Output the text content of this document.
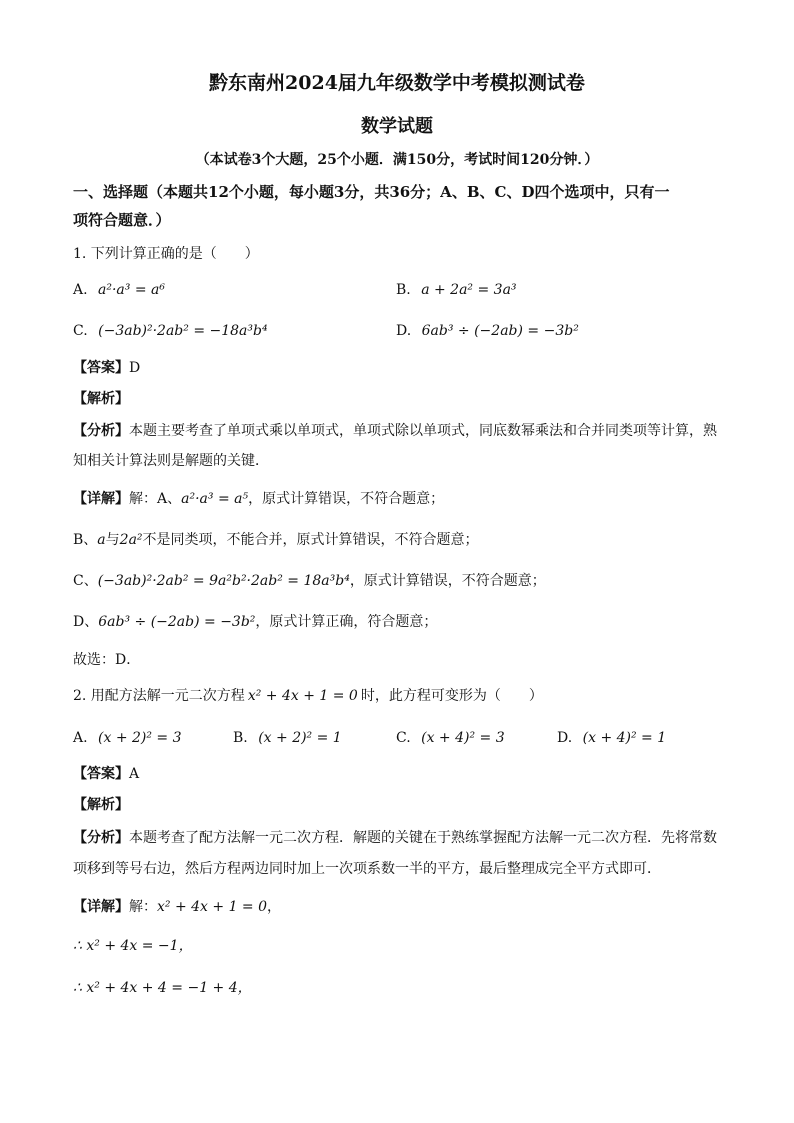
黔东南州2024届九年级数学中考模拟测试卷
数学试题
（本试卷3个大题，25个小题．满150分，考试时间120分钟．）
一、选择题（本题共12个小题，每小题3分，共36分；A、B、C、D四个选项中，只有一
项符合题意．）
1. 下列计算正确的是（　　）
A. a²·a³ = a⁶	B. a + 2a² = 3a³
C. (−3ab)²·2ab² = −18a³b⁴	D. 6ab³ ÷ (−2ab) = −3b²
【答案】D
【解析】
【分析】本题主要考查了单项式乘以单项式，单项式除以单项式，同底数幂乘法和合并同类项等计算，熟
知相关计算法则是解题的关键．
【详解】解：A、a²·a³ = a⁵，原式计算错误，不符合题意；
B、a与2a²不是同类项，不能合并，原式计算错误，不符合题意；
C、(−3ab)²·2ab² = 9a²b²·2ab² = 18a³b⁴，原式计算错误，不符合题意；
D、6ab³ ÷ (−2ab) = −3b²，原式计算正确，符合题意；
故选：D．
2. 用配方法解一元二次方程 x² + 4x + 1 = 0 时，此方程可变形为（　　）
A. (x + 2)² = 3	B. (x + 2)² = 1	C. (x + 4)² = 3	D. (x + 4)² = 1
【答案】A
【解析】
【分析】本题考查了配方法解一元二次方程．解题的关键在于熟练掌握配方法解一元二次方程．先将常数
项移到等号右边，然后方程两边同时加上一次项系数一半的平方，最后整理成完全平方式即可．
【详解】解：x² + 4x + 1 = 0，
∴ x² + 4x = −1，
∴ x² + 4x + 4 = −1 + 4，
